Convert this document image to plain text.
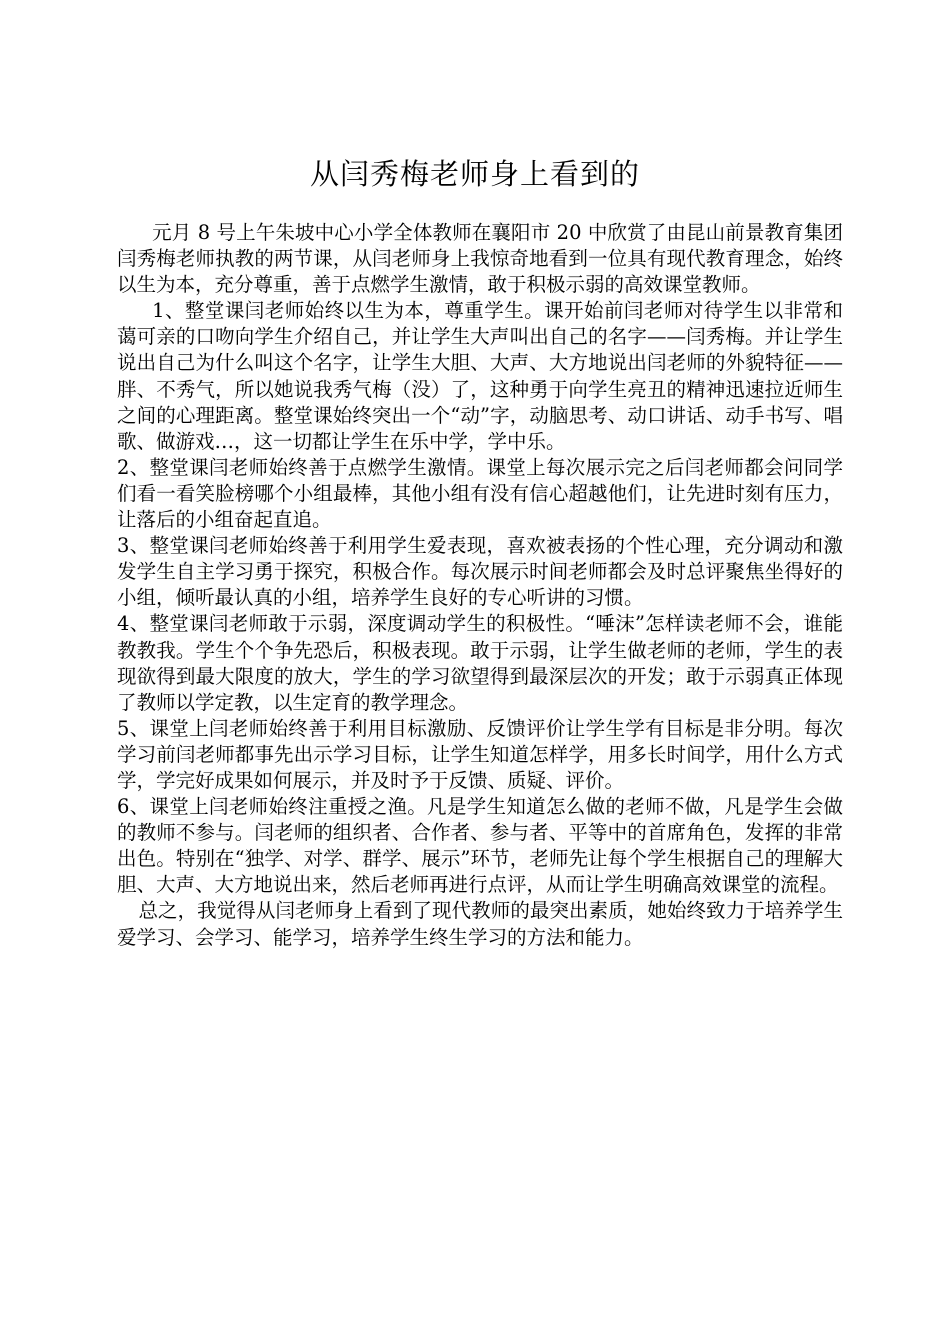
从闫秀梅老师身上看到的

元月 8 号上午朱坡中心小学全体教师在襄阳市 20 中欣赏了由昆山前景教育集团闫秀梅老师执教的两节课，从闫老师身上我惊奇地看到一位具有现代教育理念，始终以生为本，充分尊重，善于点燃学生激情，敢于积极示弱的高效课堂教师。

1、整堂课闫老师始终以生为本，尊重学生。课开始前闫老师对待学生以非常和蔼可亲的口吻向学生介绍自己，并让学生大声叫出自己的名字——闫秀梅。并让学生说出自己为什么叫这个名字，让学生大胆、大声、大方地说出闫老师的外貌特征——胖、不秀气，所以她说我秀气梅（没）了，这种勇于向学生亮丑的精神迅速拉近师生之间的心理距离。整堂课始终突出一个“动”字，动脑思考、动口讲话、动手书写、唱歌、做游戏…，这一切都让学生在乐中学，学中乐。

2、整堂课闫老师始终善于点燃学生激情。课堂上每次展示完之后闫老师都会问同学们看一看笑脸榜哪个小组最棒，其他小组有没有信心超越他们，让先进时刻有压力，让落后的小组奋起直追。

3、整堂课闫老师始终善于利用学生爱表现，喜欢被表扬的个性心理，充分调动和激发学生自主学习勇于探究，积极合作。每次展示时间老师都会及时总评聚焦坐得好的小组，倾听最认真的小组，培养学生良好的专心听讲的习惯。

4、整堂课闫老师敢于示弱，深度调动学生的积极性。“唾沫”怎样读老师不会，谁能教教我。学生个个争先恐后，积极表现。敢于示弱，让学生做老师的老师，学生的表现欲得到最大限度的放大，学生的学习欲望得到最深层次的开发；敢于示弱真正体现了教师以学定教，以生定育的教学理念。

5、课堂上闫老师始终善于利用目标激励、反馈评价让学生学有目标是非分明。每次学习前闫老师都事先出示学习目标，让学生知道怎样学，用多长时间学，用什么方式学，学完好成果如何展示，并及时予于反馈、质疑、评价。

6、课堂上闫老师始终注重授之渔。凡是学生知道怎么做的老师不做，凡是学生会做的教师不参与。闫老师的组织者、合作者、参与者、平等中的首席角色，发挥的非常出色。特别在“独学、对学、群学、展示”环节，老师先让每个学生根据自己的理解大胆、大声、大方地说出来，然后老师再进行点评，从而让学生明确高效课堂的流程。

总之，我觉得从闫老师身上看到了现代教师的最突出素质，她始终致力于培养学生爱学习、会学习、能学习，培养学生终生学习的方法和能力。
